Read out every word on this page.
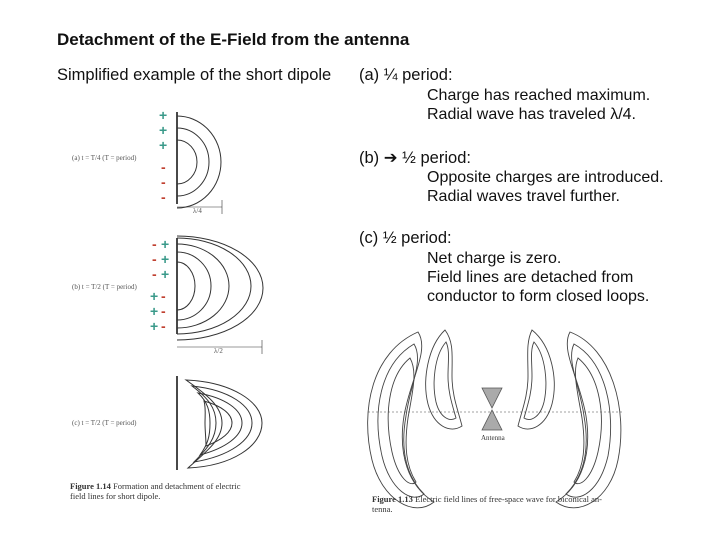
Detachment of the E-Field from the antenna
Simplified example of the short dipole (a) ¼ period:
Charge has reached maximum.
Radial wave has traveled λ/4.
(b) ➔ ½ period:
Opposite charges are introduced.
Radial waves travel further.
(c) ½ period:
Net charge is zero.
Field lines are detached from
conductor to form closed loops.
+
+
+
-
-
-
- +
- +
- +
+ -
+ -
+ -
(a) t = T/4 (T = period)
λ/4
(b) t = T/2 (T = period)
λ/2
(c) t = T/2 (T = period)
Figure 1.14 Formation and detachment of electric
field lines for short dipole.
Antenna
Figure 1.13 Electric field lines of free-space wave for biconical an-
tenna.
